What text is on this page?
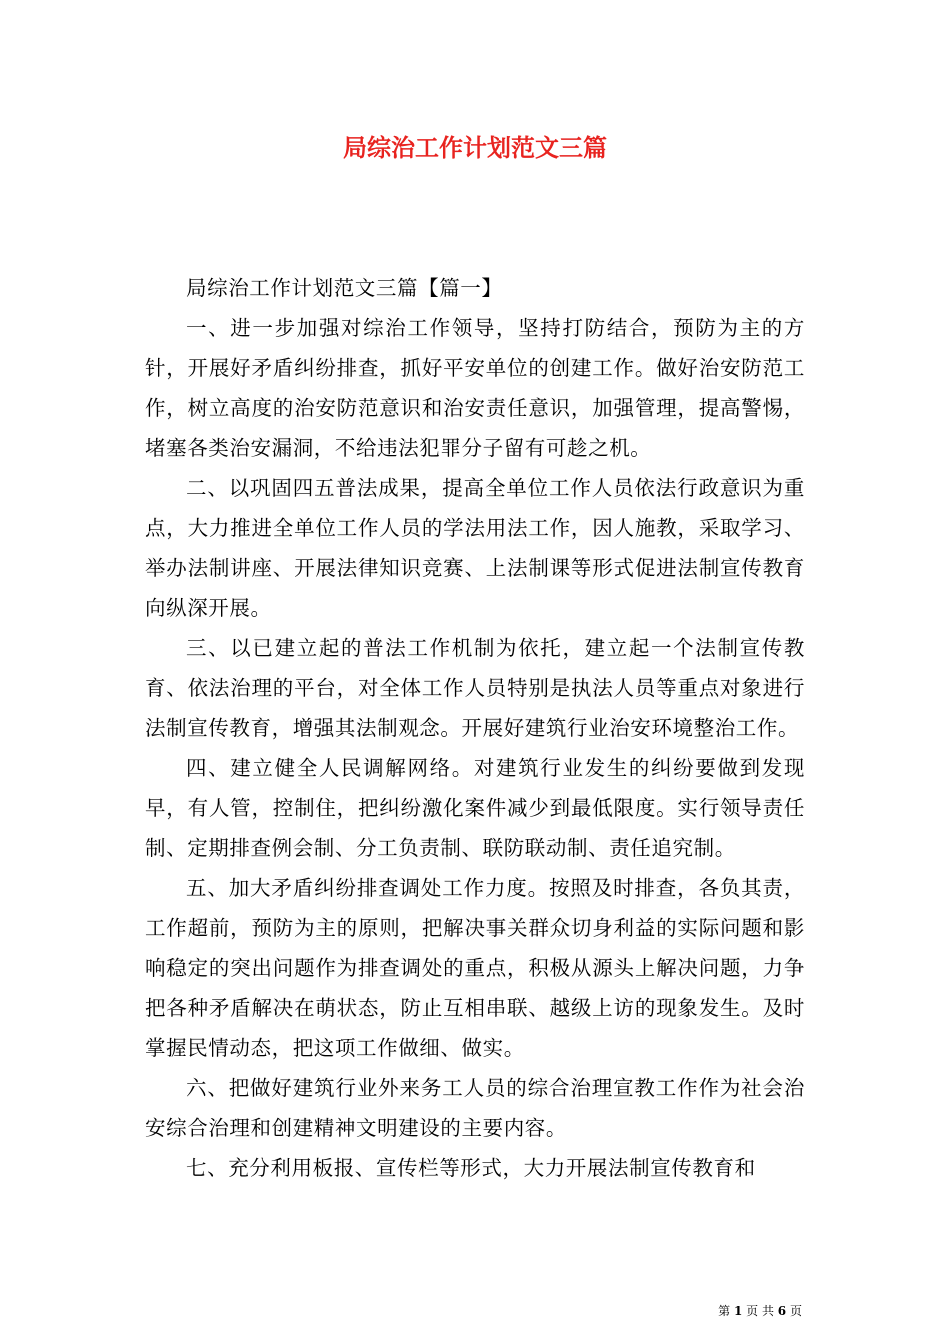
局综治工作计划范文三篇

局综治工作计划范文三篇【篇一】

一、进一步加强对综治工作领导，坚持打防结合，预防为主的方针，开展好矛盾纠纷排查，抓好平安单位的创建工作。做好治安防范工作，树立高度的治安防范意识和治安责任意识，加强管理，提高警惕，堵塞各类治安漏洞，不给违法犯罪分子留有可趁之机。

二、以巩固四五普法成果，提高全单位工作人员依法行政意识为重点，大力推进全单位工作人员的学法用法工作，因人施教，采取学习、举办法制讲座、开展法律知识竞赛、上法制课等形式促进法制宣传教育向纵深开展。

三、以已建立起的普法工作机制为依托，建立起一个法制宣传教育、依法治理的平台，对全体工作人员特别是执法人员等重点对象进行法制宣传教育，增强其法制观念。开展好建筑行业治安环境整治工作。

四、建立健全人民调解网络。对建筑行业发生的纠纷要做到发现早，有人管，控制住，把纠纷激化案件减少到最低限度。实行领导责任制、定期排查例会制、分工负责制、联防联动制、责任追究制。

五、加大矛盾纠纷排查调处工作力度。按照及时排查，各负其责，工作超前，预防为主的原则，把解决事关群众切身利益的实际问题和影响稳定的突出问题作为排查调处的重点，积极从源头上解决问题，力争把各种矛盾解决在萌状态，防止互相串联、越级上访的现象发生。及时掌握民情动态，把这项工作做细、做实。

六、把做好建筑行业外来务工人员的综合治理宣教工作作为社会治安综合治理和创建精神文明建设的主要内容。

七、充分利用板报、宣传栏等形式，大力开展法制宣传教育和

第 1 页 共 6 页
